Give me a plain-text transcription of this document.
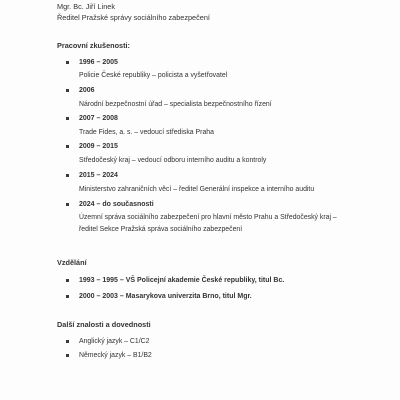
Mgr. Bc. Jiří Linek
Ředitel Pražské správy sociálního zabezpečení
Pracovní zkušenosti:
1996 – 2005
Policie České republiky – policista a vyšetřovatel
2006
Národní bezpečnostní úřad – specialista bezpečnostního řízení
2007 – 2008
Trade Fides, a. s. – vedoucí střediska Praha
2009 – 2015
Středočeský kraj – vedoucí odboru interního auditu a kontroly
2015 – 2024
Ministerstvo zahraničních věcí – ředitel Generální inspekce a interního auditu
2024 – do současnosti
Územní správa sociálního zabezpečení pro hlavní město Prahu a Středočeský kraj –
ředitel Sekce Pražská správa sociálního zabezpečení
Vzdělání
1993 – 1995 – VŠ Policejní akademie České republiky, titul Bc.
2000 – 2003 – Masarykova univerzita Brno, titul Mgr.
Další znalosti a dovednosti
Anglický jazyk – C1/C2
Německý jazyk – B1/B2
